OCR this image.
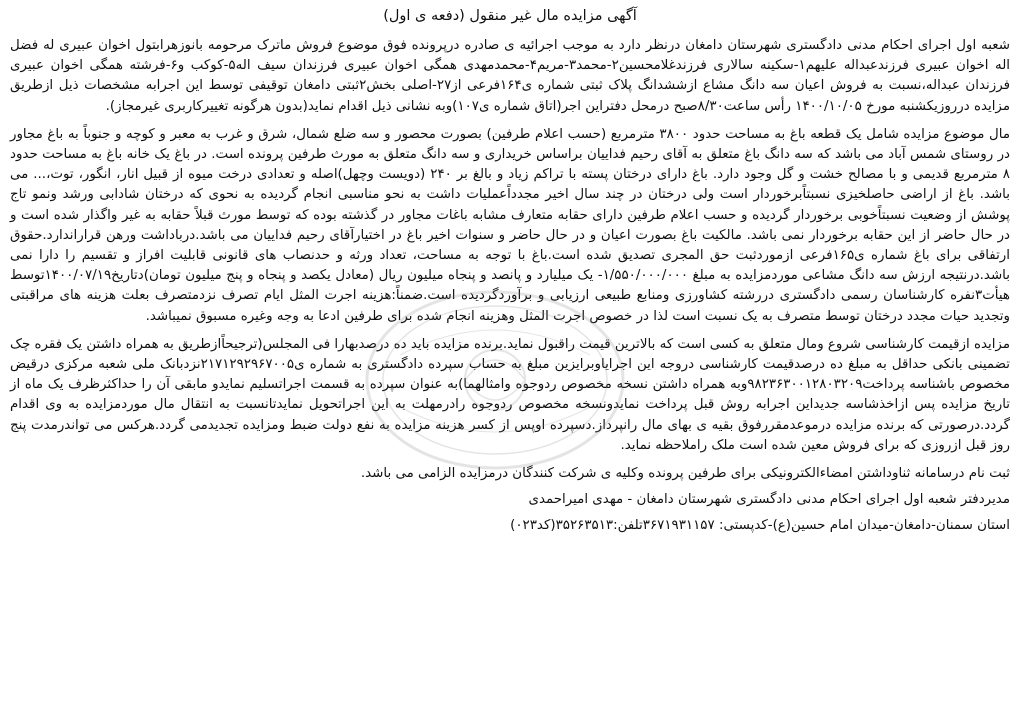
آگهی مزایده مال غیر منقول (دفعه ی اول)

شعبه اول اجرای احکام مدنی دادگستری شهرستان دامغان درنظر دارد به موجب اجرائیه ی صادره درپرونده فوق موضوع فروش ماترک مرحومه بانوزهرابتول اخوان عبیری له فضل اله اخوان عبیری فرزندعبداله علیهم۱-سکینه سالاری فرزندغلامحسین۲-محمد۳-مریم۴-محمدمهدی همگی اخوان عبیری فرزندان سیف اله۵-کوکب و۶-فرشته همگی اخوان عبیری فرزندان عبداله،نسبت به فروش اعیان سه دانگ مشاع ازششدانگ پلاک ثبتی شماره ی۱۶۴فرعی از۲۷-اصلی بخش۲ثبتی دامغان توقیفی توسط این اجرابه مشخصات ذیل ازطریق مزایده درروزیکشنبه مورخ ۱۴۰۰/۱۰/۰۵ رأس ساعت۸/۳۰صبح درمحل دفتراین اجر(اتاق شماره ی۱۰۷)وبه نشانی ذیل اقدام نماید(بدون هرگونه تغییرکاربری غیرمجاز).

مال موضوع مزایده شامل یک قطعه باغ به مساحت حدود ۳۸۰۰ مترمربع (حسب اعلام طرفین) بصورت محصور و سه ضلع شمال، شرق و غرب به معبر و کوچه و جنوباً به باغ مجاور در روستای شمس آباد می باشد که سه دانگ باغ متعلق به آقای رحیم فداییان براساس خریداری و سه دانگ متعلق به مورث طرفین پرونده است. در باغ یک خانه باغ به مساحت حدود ۸ مترمربع قدیمی و با مصالح خشت و گل وجود دارد. باغ دارای درختان پسته با تراکم زیاد و بالغ بر ۲۴۰ (دویست وچهل)اصله و تعدادی درخت میوه از قبیل انار، انگور، توت،... می باشد. باغ از اراضی حاصلخیزی نسبتاًبرخوردار است ولی درختان در چند سال اخیر مجدداًعملیات داشت به نحو مناسبی انجام گردیده به نحوی که درختان شادابی ورشد ونمو تاج پوشش از وضعیت نسبتاًخوبی برخوردار گردیده و حسب اعلام طرفین دارای حقابه متعارف مشابه باغات مجاور در گذشته بوده که توسط مورث قبلاً حقابه به غیر واگذار شده است و در حال حاضر از این حقابه برخوردار نمی باشد. مالکیت باغ بصورت اعیان و در حال حاضر و سنوات اخیر باغ در اختیارآقای رحیم فداییان می باشد.درباداشت ورهن قراراندارد.حقوق ارتفاقی برای باغ شماره ی۱۶۵فرعی ازموردثبت حق المجری تصدیق شده است.باغ با توجه به مساحت، تعداد ورثه و حدنصاب های قانونی قابلیت افراز و تقسیم را دارا نمی باشد.درنتیجه ارزش سه دانگ مشاعی موردمزایده به مبلغ ۱/۵۵۰/۰۰۰/۰۰۰- یک میلیارد و پانصد و پنجاه میلیون ریال (معادل یکصد و پنجاه و پنج میلیون تومان)دتاریخ۱۴۰۰/۰۷/۱۹توسط هیأت۳نفره کارشناسان رسمی دادگستری دررشته کشاورزی ومنابع طبیعی ارزیابی و برآوردگردیده است.ضمناً:هزینه اجرت المثل ایام تصرف نزدمتصرف بعلت هزینه های مراقبتی وتجدید حیات مجدد درختان توسط متصرف به یک نسبت است لذا در خصوص اجرت المثل وهزینه انجام شده برای طرفین ادعا به وجه وغیره مسبوق نمیباشد.

مزایده ازقیمت کارشناسی شروع ومال متعلق به کسی است که بالاترین قیمت راقبول نماید.برنده مزایده باید ده درصدبهارا فی المجلس(ترجیحاًازطریق به همراه داشتن یک فقره چک تضمینی بانکی حداقل به مبلغ ده درصدقیمت کارشناسی دروجه این اجرایاوبرایزین مبلغ به حساب سپرده دادگستری به شماره ی۲۱۷۱۲۹۲۹۶۷۰۰۵نزدبانک ملی شعبه مرکزی درقیض مخصوص باشناسه پرداخت۹۸۲۳۶۳۰۰۱۲۸۰۳۲۰۹وبه همراه داشتن نسخه مخصوص ردوجوه وامثالهما)به عنوان سپرده به قسمت اجراتسلیم نمایدو مابقی آن را حداکثرظرف یک ماه از تاریخ مزایده پس ازاخذشاسه جدیداین اجرابه روش قبل پرداخت نمایدونسخه مخصوص ردوجوه رادرمهلت به این اجراتحویل نمایدتانسبت به انتقال مال موردمزایده به وی اقدام گردد.درصورتی که برنده مزایده درموعدمقررفوق بقیه ی بهای مال رانپرداز.دسپرده اوپس از کسر هزینه مزایده به نفع دولت ضبط ومزایده تجدیدمی گردد.هرکس می تواندرمدت پنج روز قبل ازروزی که برای فروش معین شده است ملک راملاحظه نماید.

ثبت نام درسامانه ثناوداشتن امضاءالکترونیکی برای طرفین پرونده وکلیه ی شرکت کنندگان درمزایده الزامی می باشد.

مدیردفتر شعبه اول اجرای احکام مدنی دادگستری شهرستان دامغان - مهدی امیراحمدی

استان سمنان-دامغان-میدان امام حسین(ع)-کدپستی: ۳۶۷۱۹۳۱۱۵۷تلفن:۳۵۲۶۳۵۱۳(کد۰۲۳)
